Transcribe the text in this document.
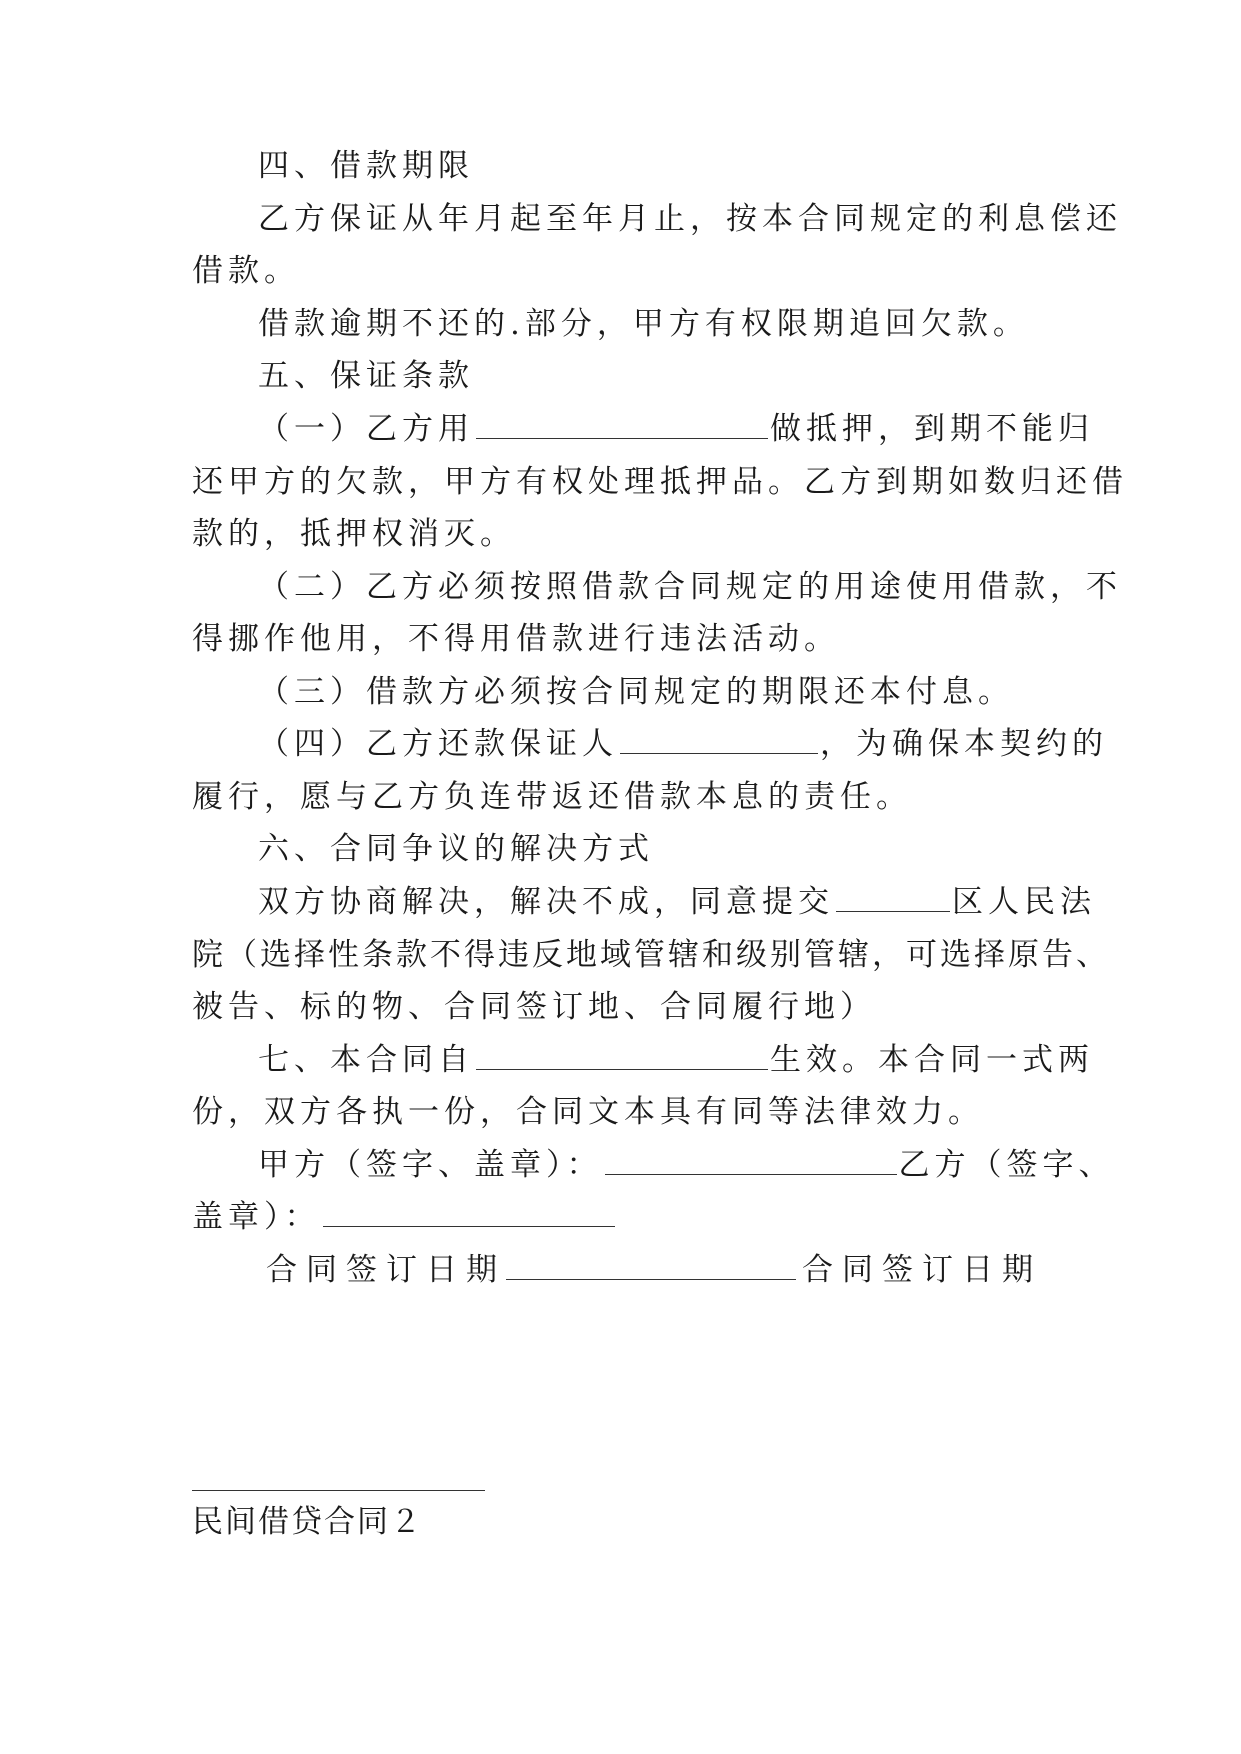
四、借款期限
乙方保证从年月起至年月止，按本合同规定的利息偿还
借款。
借款逾期不还的.部分，甲方有权限期追回欠款。
五、保证条款
（一）乙方用	做抵押，到期不能归
还甲方的欠款，甲方有权处理抵押品。乙方到期如数归还借
款的，抵押权消灭。
（二）乙方必须按照借款合同规定的用途使用借款，不
得挪作他用，不得用借款进行违法活动。
（三）借款方必须按合同规定的期限还本付息。
（四）乙方还款保证人	，为确保本契约的
履行，愿与乙方负连带返还借款本息的责任。
六、合同争议的解决方式
双方协商解决，解决不成，同意提交	区人民法
院（选择性条款不得违反地域管辖和级别管辖，可选择原告、
被告、标的物、合同签订地、合同履行地）
七、本合同自	生效。本合同一式两
份，双方各执一份，合同文本具有同等法律效力。
甲方（签字、盖章）：	乙方（签字、
盖章）：
合同签订日期	合同签订日期
民间借贷合同２
